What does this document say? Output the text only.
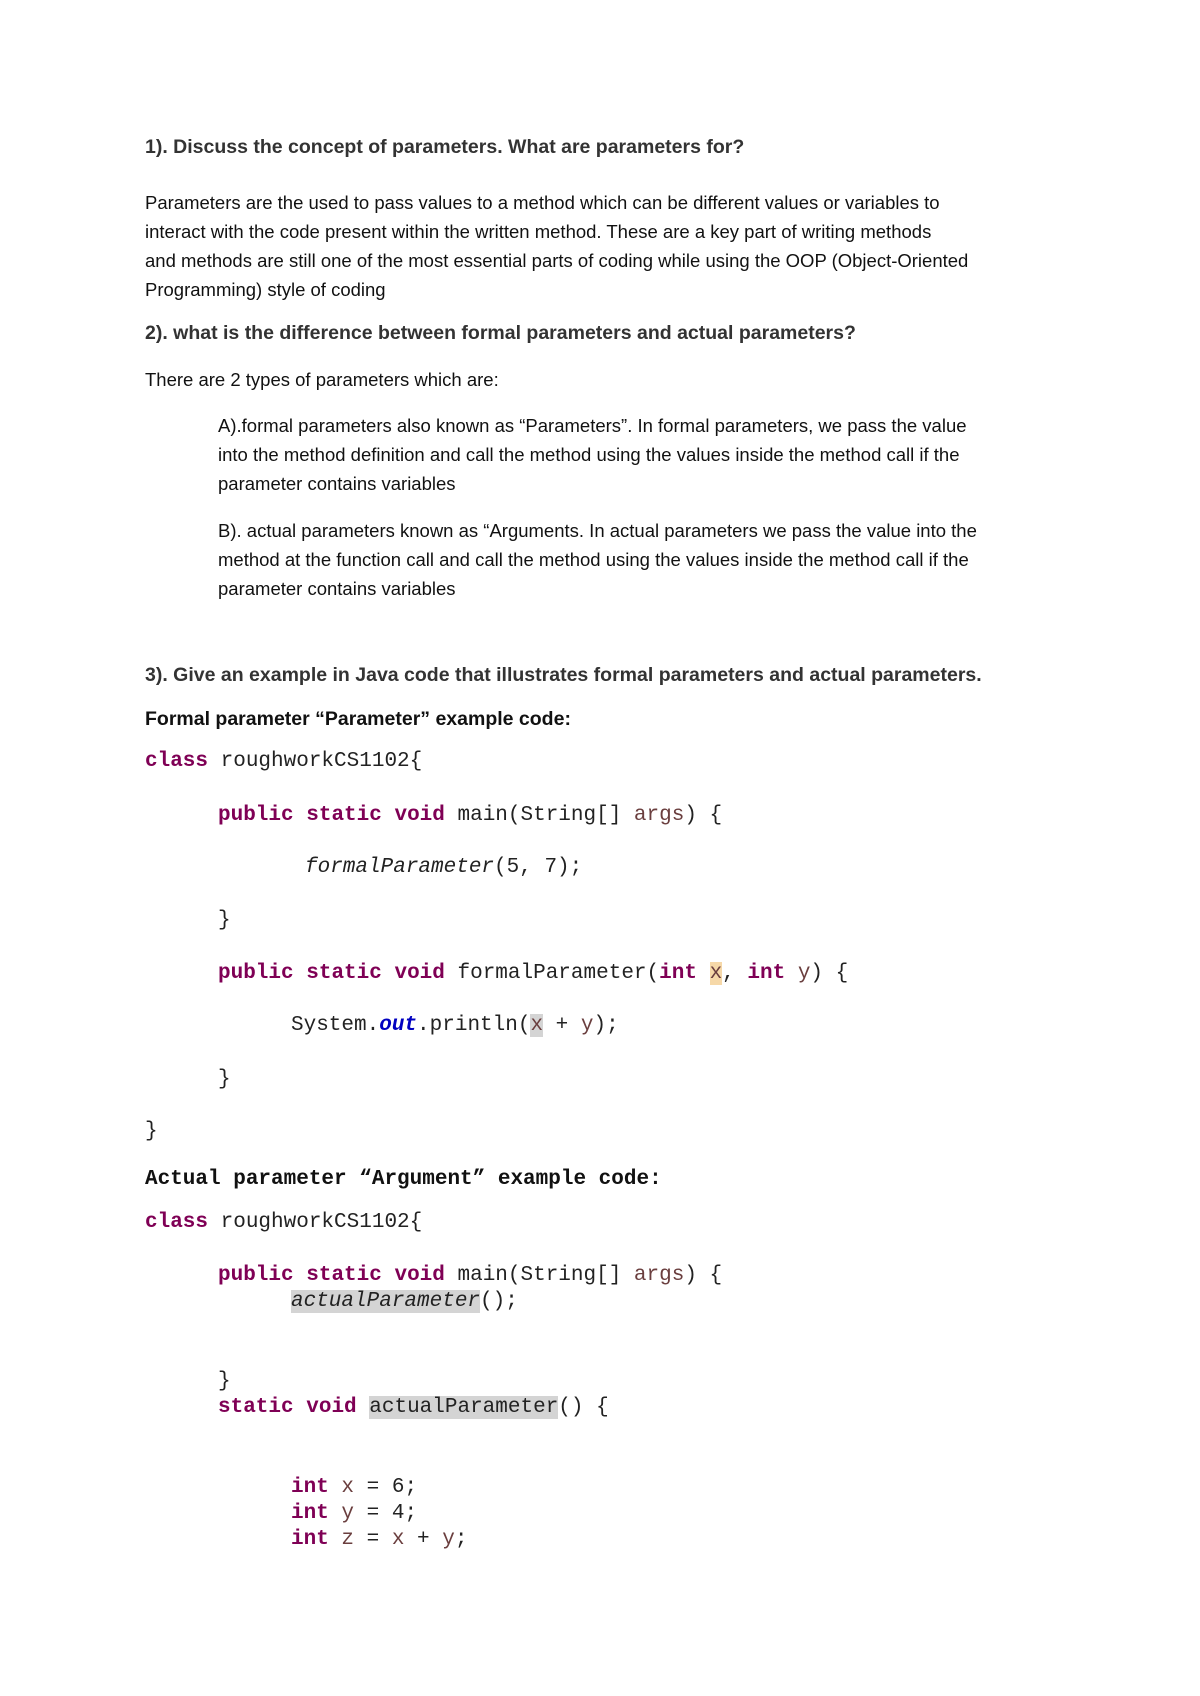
1). Discuss the concept of parameters. What are parameters for?
Parameters are the used to pass values to a method which can be different values or variables to
interact with the code present within the written method. These are a key part of writing methods
and methods are still one of the most essential parts of coding while using the OOP (Object-Oriented
Programming) style of coding
2). what is the difference between formal parameters and actual parameters?
There are 2 types of parameters which are:
A).formal parameters also known as “Parameters”. In formal parameters, we pass the value
into the method definition and call the method using the values inside the method call if the
parameter contains variables
B). actual parameters known as “Arguments. In actual parameters we pass the value into the
method at the function call and call the method using the values inside the method call if the
parameter contains variables
3). Give an example in Java code that illustrates formal parameters and actual parameters.
Formal parameter “Parameter” example code:
class roughworkCS1102{
public static void main(String[] args) {
formalParameter(5, 7);
}
public static void formalParameter(int x, int y) {
System.out.println(x + y);
}
}
Actual parameter “Argument” example code:
class roughworkCS1102{
public static void main(String[] args) {
actualParameter();
}
static void actualParameter() {
int x = 6;
int y = 4;
int z = x + y;
